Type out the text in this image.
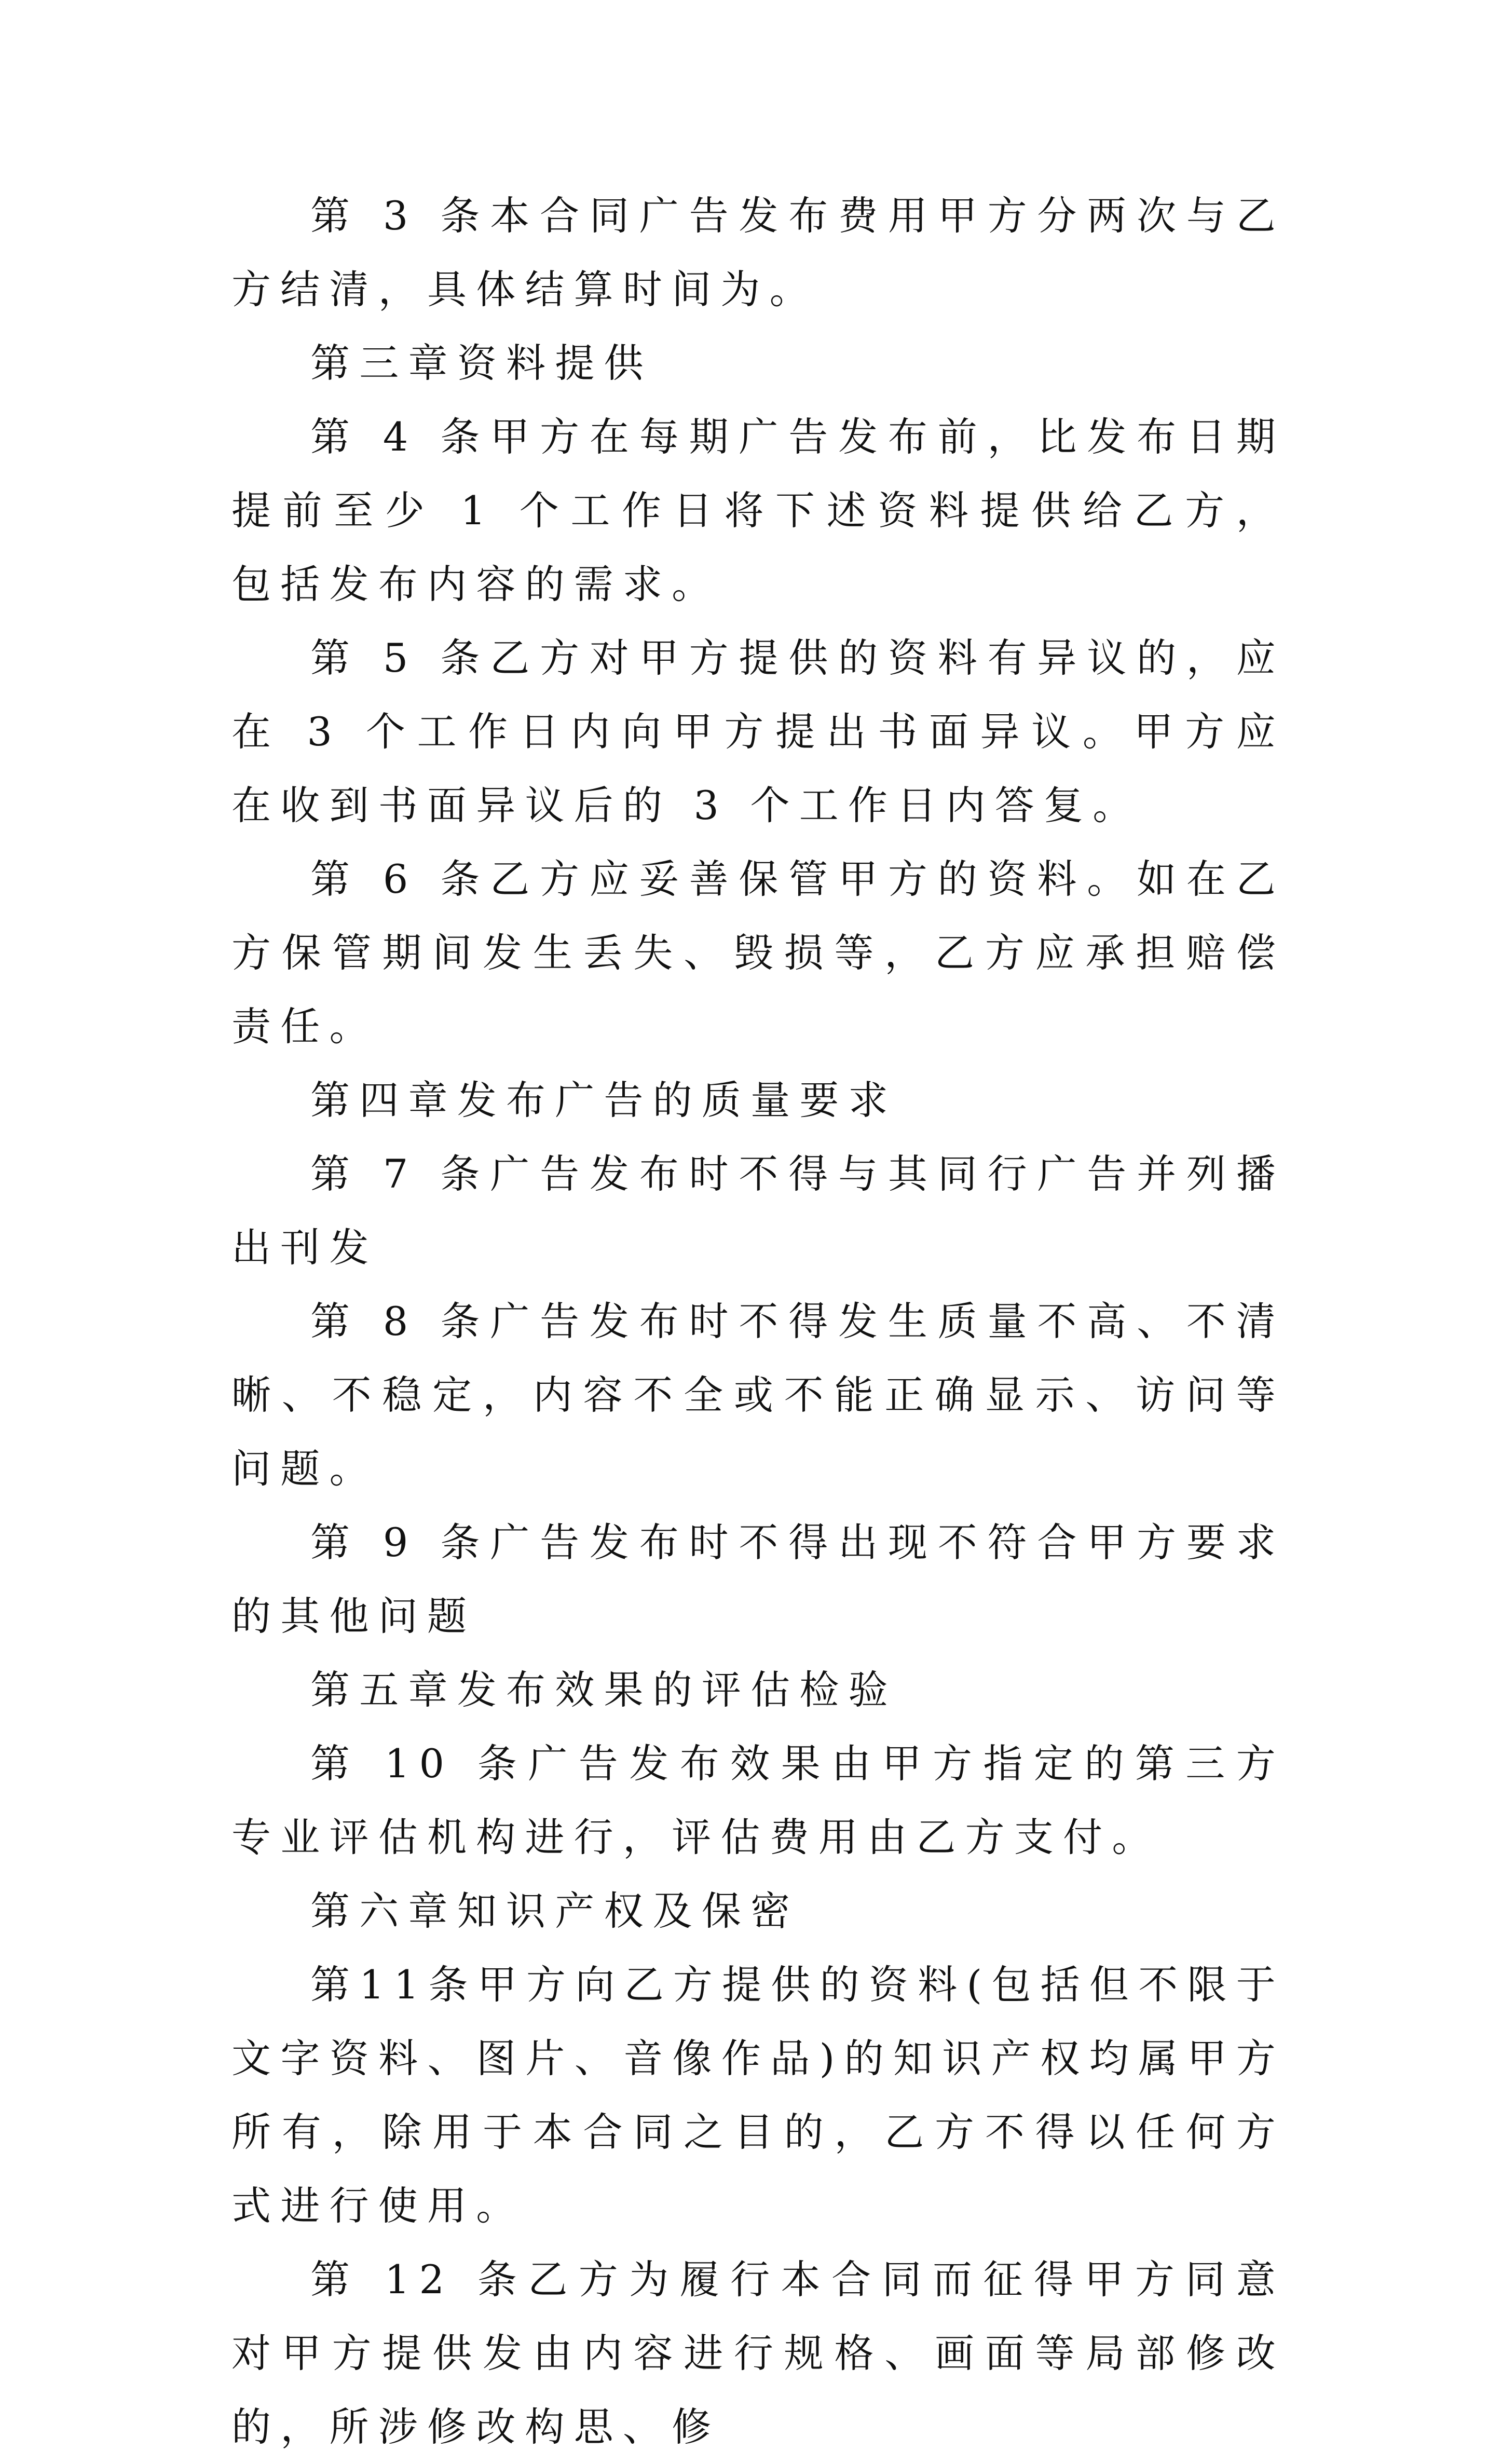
第 3 条本合同广告发布费用甲方分两次与乙方结清，具体结算时间为。

第三章资料提供

第 4 条甲方在每期广告发布前，比发布日期提前至少 1 个工作日将下述资料提供给乙方，包括发布内容的需求。

第 5 条乙方对甲方提供的资料有异议的，应在 3 个工作日内向甲方提出书面异议。甲方应在收到书面异议后的 3 个工作日内答复。

第 6 条乙方应妥善保管甲方的资料。如在乙方保管期间发生丢失、毁损等，乙方应承担赔偿责任。

第四章发布广告的质量要求

第 7 条广告发布时不得与其同行广告并列播出刊发

第 8 条广告发布时不得发生质量不高、不清晰、不稳定，内容不全或不能正确显示、访问等问题。

第 9 条广告发布时不得出现不符合甲方要求的其他问题

第五章发布效果的评估检验

第 10 条广告发布效果由甲方指定的第三方专业评估机构进行，评估费用由乙方支付。

第六章知识产权及保密

第11条甲方向乙方提供的资料(包括但不限于文字资料、图片、音像作品)的知识产权均属甲方所有，除用于本合同之目的，乙方不得以任何方式进行使用。

第 12 条乙方为履行本合同而征得甲方同意对甲方提供发由内容进行规格、画面等局部修改的，所涉修改构思、修
